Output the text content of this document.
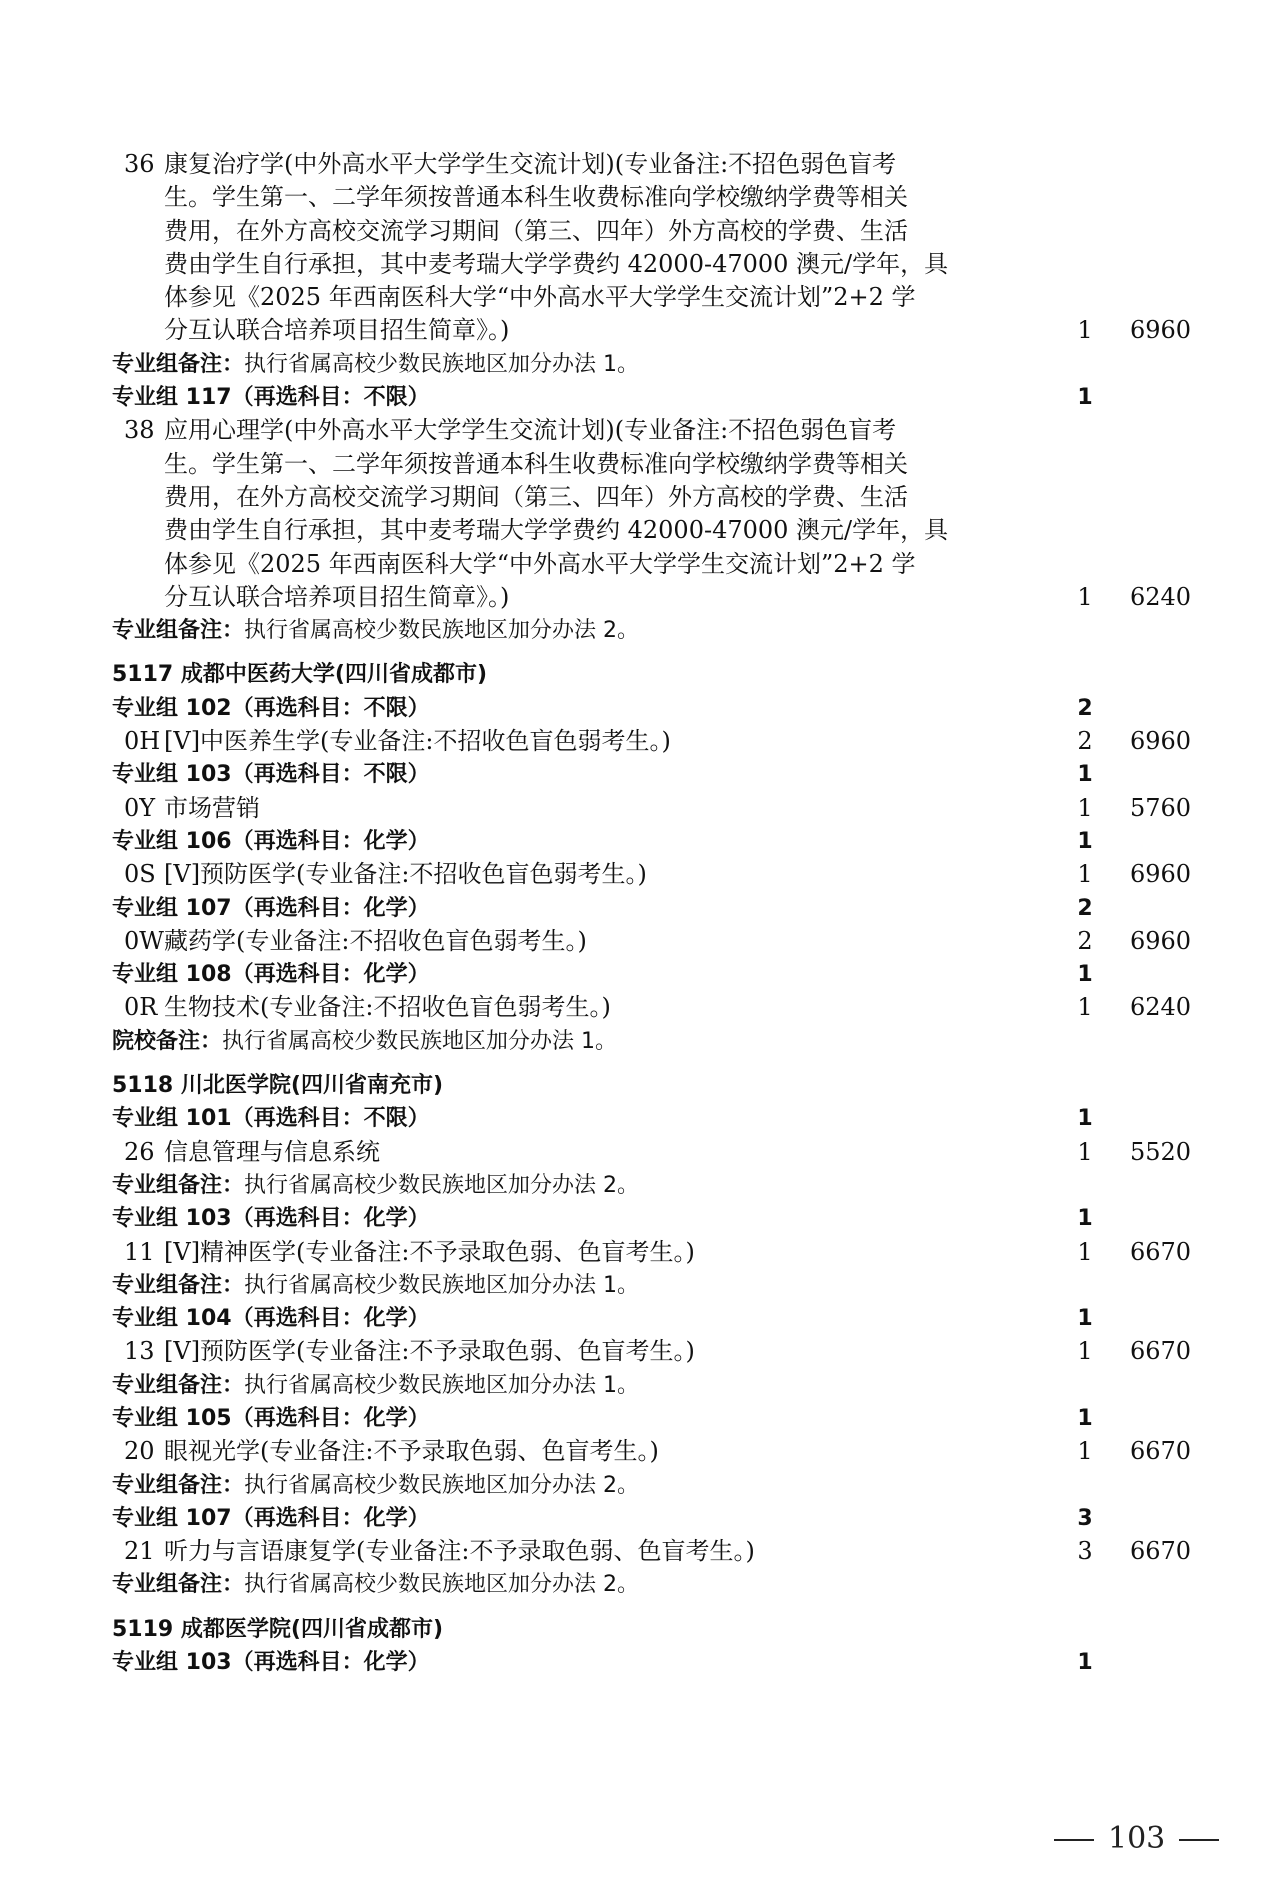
36 康复治疗学(中外高水平大学学生交流计划)(专业备注:不招色弱色盲考
生。学生第一、二学年须按普通本科生收费标准向学校缴纳学费等相关
费用，在外方高校交流学习期间（第三、四年）外方高校的学费、生活
费由学生自行承担，其中麦考瑞大学学费约 42000-47000 澳元/学年，具
体参见《2025 年西南医科大学“中外高水平大学学生交流计划”2+2 学
分互认联合培养项目招生简章》。)	1	6960
专业组备注：执行省属高校少数民族地区加分办法 1。
专业组 117（再选科目：不限）	1
38 应用心理学(中外高水平大学学生交流计划)(专业备注:不招色弱色盲考
生。学生第一、二学年须按普通本科生收费标准向学校缴纳学费等相关
费用，在外方高校交流学习期间（第三、四年）外方高校的学费、生活
费由学生自行承担，其中麦考瑞大学学费约 42000-47000 澳元/学年，具
体参见《2025 年西南医科大学“中外高水平大学学生交流计划”2+2 学
分互认联合培养项目招生简章》。)	1	6240
专业组备注：执行省属高校少数民族地区加分办法 2。
5117 成都中医药大学(四川省成都市)
专业组 102（再选科目：不限）	2
0H [Ⅴ]中医养生学(专业备注:不招收色盲色弱考生。)	2	6960
专业组 103（再选科目：不限）	1
0Y 市场营销	1	5760
专业组 106（再选科目：化学）	1
0S [Ⅴ]预防医学(专业备注:不招收色盲色弱考生。)	1	6960
专业组 107（再选科目：化学）	2
0W 藏药学(专业备注:不招收色盲色弱考生。)	2	6960
专业组 108（再选科目：化学）	1
0R 生物技术(专业备注:不招收色盲色弱考生。)	1	6240
院校备注：执行省属高校少数民族地区加分办法 1。
5118 川北医学院(四川省南充市)
专业组 101（再选科目：不限）	1
26 信息管理与信息系统	1	5520
专业组备注：执行省属高校少数民族地区加分办法 2。
专业组 103（再选科目：化学）	1
11 [Ⅴ]精神医学(专业备注:不予录取色弱、色盲考生。)	1	6670
专业组备注：执行省属高校少数民族地区加分办法 1。
专业组 104（再选科目：化学）	1
13 [Ⅴ]预防医学(专业备注:不予录取色弱、色盲考生。)	1	6670
专业组备注：执行省属高校少数民族地区加分办法 1。
专业组 105（再选科目：化学）	1
20 眼视光学(专业备注:不予录取色弱、色盲考生。)	1	6670
专业组备注：执行省属高校少数民族地区加分办法 2。
专业组 107（再选科目：化学）	3
21 听力与言语康复学(专业备注:不予录取色弱、色盲考生。)	3	6670
专业组备注：执行省属高校少数民族地区加分办法 2。
5119 成都医学院(四川省成都市)
专业组 103（再选科目：化学）	1
103
